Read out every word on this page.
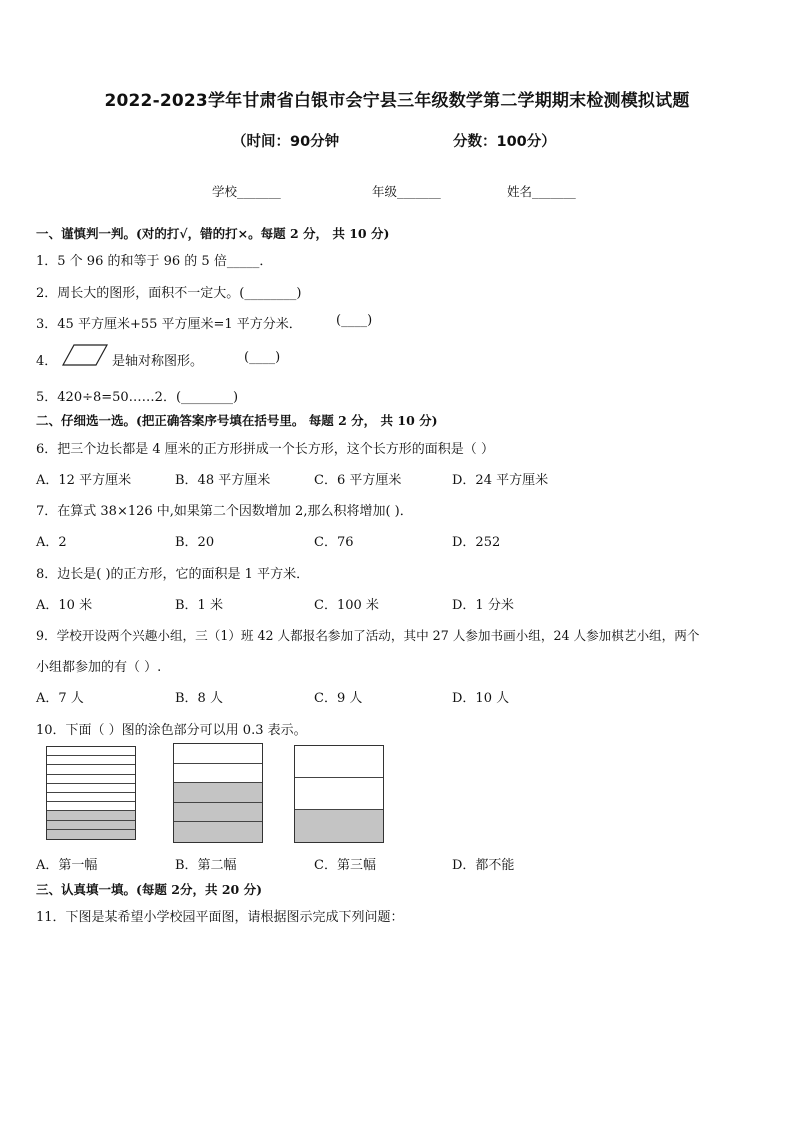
2022-2023学年甘肃省白银市会宁县三年级数学第二学期期末检测模拟试题
（时间：90分钟	分数：100分）
学校_______	年级_______	姓名_______
一、谨慎判一判。(对的打√，错的打×。每题 2 分， 共 10 分)
1．5 个 96 的和等于 96 的 5 倍_____．
2．周长大的图形，面积不一定大。(________)
3．45 平方厘米+55 平方厘米=1 平方分米．	(____)
4．	是轴对称图形。	(____)
5．420÷8=50……2．(________)
二、仔细选一选。(把正确答案序号填在括号里。 每题 2 分， 共 10 分)
6．把三个边长都是 4 厘米的正方形拼成一个长方形，这个长方形的面积是（ ）
A．12 平方厘米	B．48 平方厘米	C．6 平方厘米	D．24 平方厘米
7．在算式 38×126 中,如果第二个因数增加 2,那么积将增加( )．
A．2	B．20	C．76	D．252
8．边长是( )的正方形，它的面积是 1 平方米．
A．10 米	B．1 米	C．100 米	D．1 分米
9．学校开设两个兴趣小组，三（1）班 42 人都报名参加了活动，其中 27 人参加书画小组，24 人参加棋艺小组，两个
小组都参加的有（ ）.
A．7 人	B．8 人	C．9 人	D．10 人
10．下面（ ）图的涂色部分可以用 0.3 表示。
A．第一幅	B．第二幅	C．第三幅	D．都不能
三、认真填一填。(每题 2分，共 20 分)
11．下图是某希望小学校园平面图，请根据图示完成下列问题：
